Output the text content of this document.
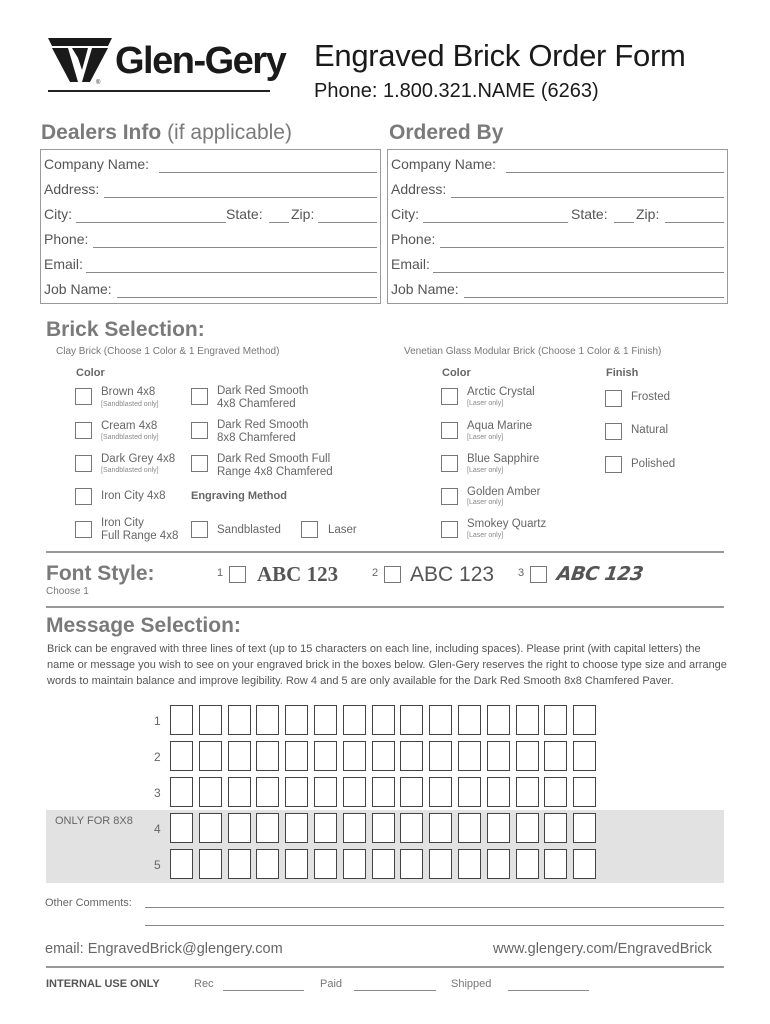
Glen-Gery
®
Engraved Brick Order Form
Phone: 1.800.321.NAME (6263)
Dealers Info (if applicable)	Ordered By
Company Name:
Address:
City:	State: Zip:
Phone:
Email:
Job Name:
Company Name:
Address:
City:	State: Zip:
Phone:
Email:
Job Name:
Brick Selection:
Clay Brick (Choose 1 Color & 1 Engraved Method)	Venetian Glass Modular Brick (Choose 1 Color & 1 Finish)
Color	Color	Finish
Brown 4x8
[Sandblasted only]
Cream 4x8
[Sandblasted only]
Dark Grey 4x8
[Sandblasted only]
Iron City 4x8
Iron City
Full Range 4x8
Dark Red Smooth
4x8 Chamfered
Dark Red Smooth
8x8 Chamfered
Dark Red Smooth Full
Range 4x8 Chamfered
Engraving Method
Sandblasted	Laser
Arctic Crystal
[Laser only]
Aqua Marine
[Laser only]
Blue Sapphire
[Laser only]
Golden Amber
[Laser only]
Smokey Quartz
[Laser only]
Frosted
Natural
Polished
Font Style:
Choose 1
1 ABC 123	2 ABC 123 3 ABC 123
Message Selection:
Brick can be engraved with three lines of text (up to 15 characters on each line, including spaces). Please print (with capital letters) the name or message you wish to see on your engraved brick in the boxes below. Glen-Gery reserves the right to choose type size and arrange words to maintain balance and improve legibility. Row 4 and 5 are only available for the Dark Red Smooth 8x8 Chamfered Paver.
ONLY FOR 8X8
1
2
3
4
5
Other Comments:
email: EngravedBrick@glengery.com	www.glengery.com/EngravedBrick
INTERNAL USE ONLY	Rec	Paid	Shipped
